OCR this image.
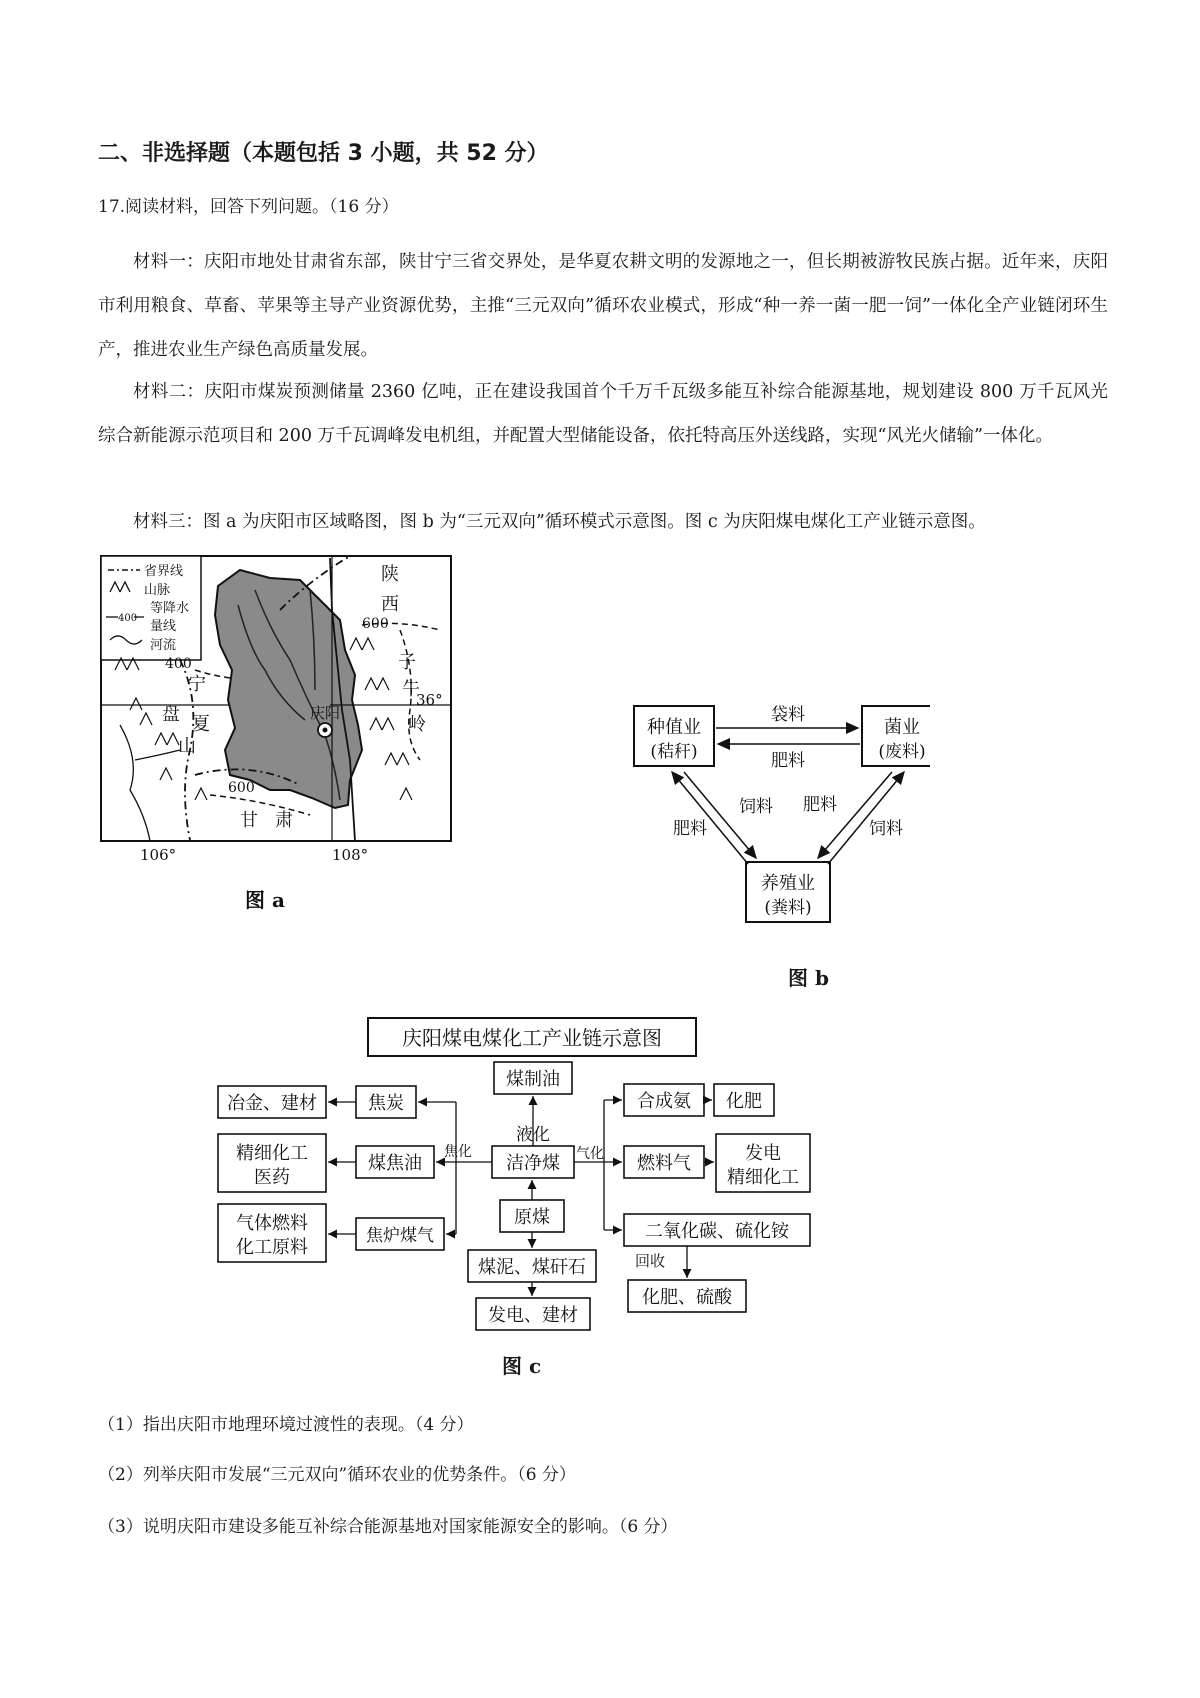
二、非选择题（本题包括 3 小题，共 52 分）
17.阅读材料，回答下列问题。（16 分）
材料一：庆阳市地处甘肃省东部，陕甘宁三省交界处，是华夏农耕文明的发源地之一，但长期被游牧民族占据。近年来，庆阳市利用粮食、草畜、苹果等主导产业资源优势，主推“三元双向”循环农业模式，形成“种一养一菌一肥一饲”一体化全产业链闭环生产，推进农业生产绿色高质量发展。
材料二：庆阳市煤炭预测储量 2360 亿吨，正在建设我国首个千万千瓦级多能互补综合能源基地，规划建设 800 万千瓦风光综合新能源示范项目和 200 万千瓦调峰发电机组，并配置大型储能设备，依托特高压外送线路，实现“风光火储输”一体化。
材料三：图 a 为庆阳市区域略图，图 b 为“三元双向”循环模式示意图。图 c 为庆阳煤电煤化工产业链示意图。
省界线
山脉
等降水
400
量线
河流
陕
西
600
子
午
岭
36°
400
宁
盘 夏
山
庆阳
600
甘 肃
106°	108°
图 a
种值业
(秸秆)
菌业
(废料)
养殖业
(粪料)
袋料
肥料
饲料
肥料
肥料
饲料
图 b
庆阳煤电煤化工产业链示意图
冶金、建材	焦炭
精细化工
医药
煤焦油
气体燃料
化工原料
焦炉煤气
煤制油
洁净煤
原煤
煤泥、煤矸石
发电、建材
合成氨 化肥
燃料气	发电
精细化工
二氧化碳、硫化铵
化肥、硫酸
焦化
液化
气化
回收
图 c
（1）指出庆阳市地理环境过渡性的表现。（4 分）
（2）列举庆阳市发展“三元双向”循环农业的优势条件。（6 分）
（3）说明庆阳市建设多能互补综合能源基地对国家能源安全的影响。（6 分）
